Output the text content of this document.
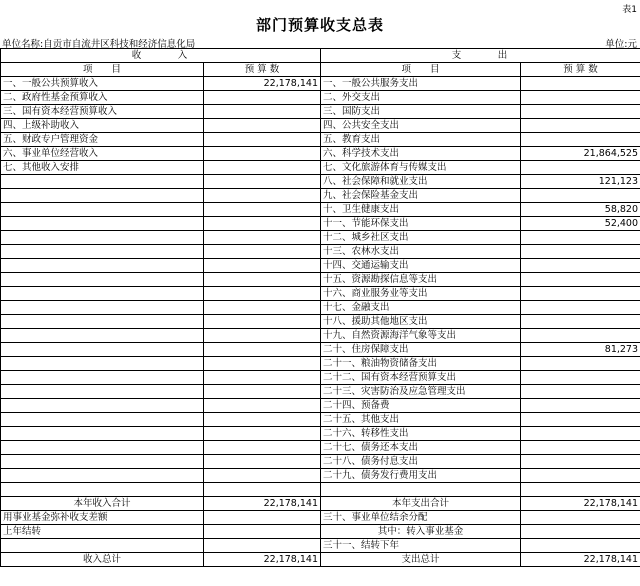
表1
部门预算收支总表
单位名称:自贡市自流井区科技和经济信息化局	单位:元
收　　　入		支　　　出	
项　　目	预 算 数	项　　目	预 算 数
一、一般公共预算收入	22,178,141	一、一般公共服务支出	
二、政府性基金预算收入		二、外交支出	
三、国有资本经营预算收入		三、国防支出	
四、上级补助收入		四、公共安全支出	
五、财政专户管理资金		五、教育支出	
六、事业单位经营收入		六、科学技术支出	21,864,525
七、其他收入安排		七、文化旅游体育与传媒支出	
		八、社会保障和就业支出	121,123
		九、社会保险基金支出	
		十、卫生健康支出	58,820
		十一、节能环保支出	52,400
		十二、城乡社区支出	
		十三、农林水支出	
		十四、交通运输支出	
		十五、资源勘探信息等支出	
		十六、商业服务业等支出	
		十七、金融支出	
		十八、援助其他地区支出	
		十九、自然资源海洋气象等支出	
		二十、住房保障支出	81,273
		二十一、粮油物资储备支出	
		二十二、国有资本经营预算支出	
		二十三、灾害防治及应急管理支出	
		二十四、预备费	
		二十五、其他支出	
		二十六、转移性支出	
		二十七、债务还本支出	
		二十八、债务付息支出	
		二十九、债务发行费用支出	

本年收入合计	22,178,141	本年支出合计	22,178,141
用事业基金弥补收支差额		三十、事业单位结余分配	
上年结转		其中：转入事业基金	
		三十一、结转下年	
收入总计	22,178,141	支出总计	22,178,141
